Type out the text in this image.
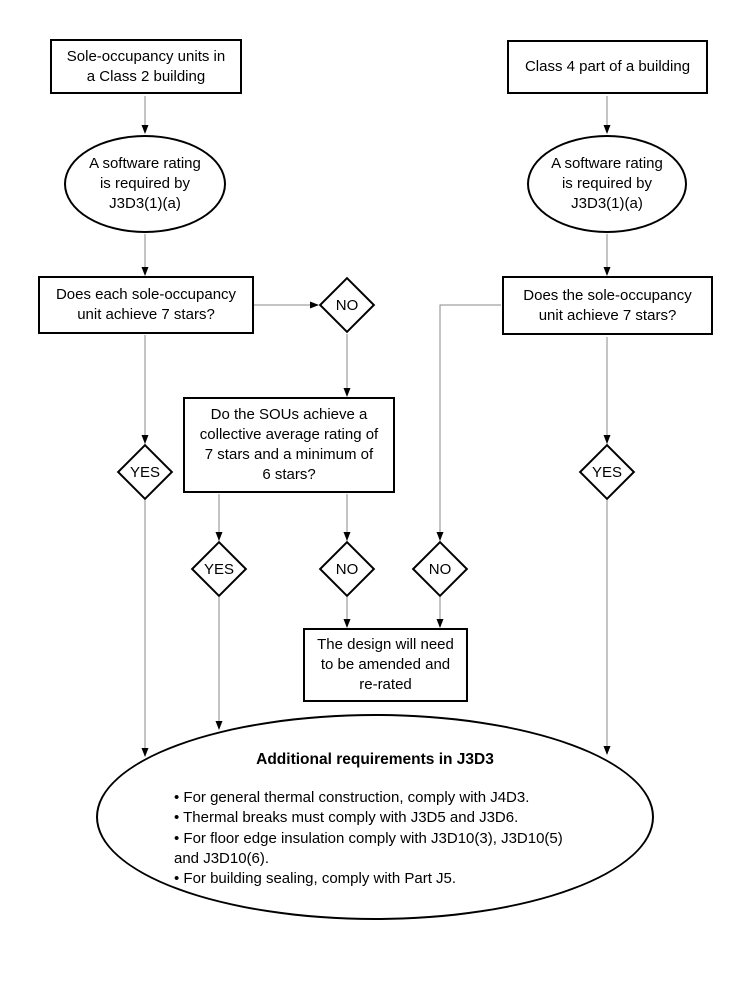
Sole-occupancy units in
a Class 2 building
Class 4 part of a building
A software rating
is required by
J3D3(1)(a)
A software rating
is required by
J3D3(1)(a)
Does each sole-occupancy
unit achieve 7 stars?
Does the sole-occupancy
unit achieve 7 stars?
Do the SOUs achieve a
collective average rating of
7 stars and a minimum of
6 stars?
NO
YES	YES
YES	NO	NO
The design will need
to be amended and
re-rated
Additional requirements in J3D3
• For general thermal construction, comply with J4D3.
• Thermal breaks must comply with J3D5 and J3D6.
• For floor edge insulation comply with J3D10(3), J3D10(5)
and J3D10(6).
• For building sealing, comply with Part J5.
